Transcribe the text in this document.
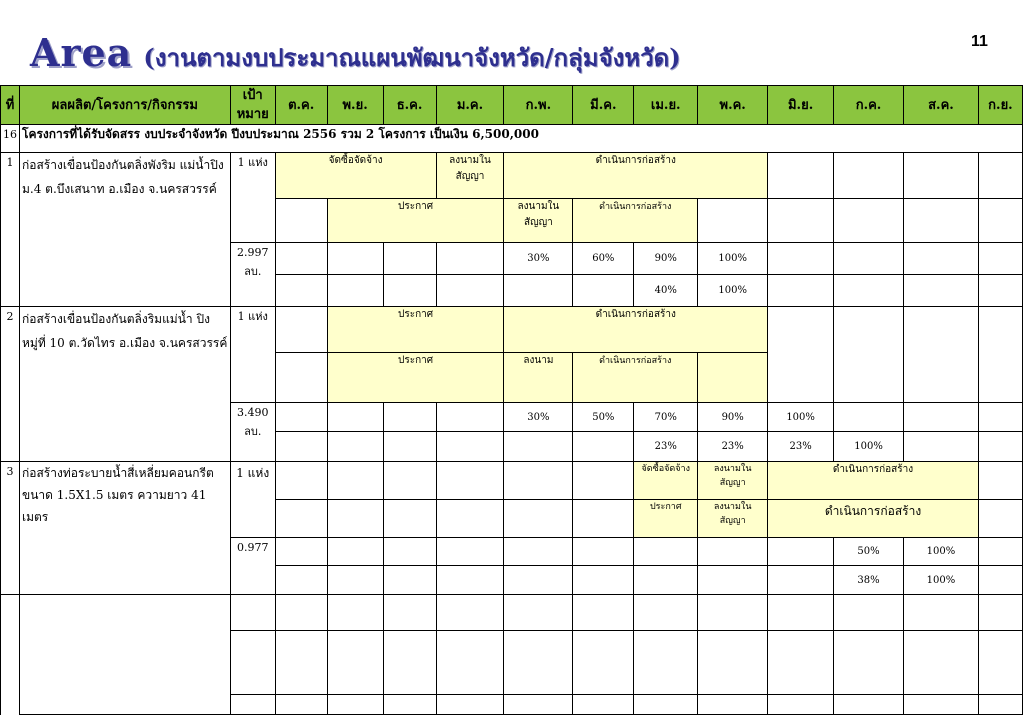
Area (งานตามงบประมาณแผนพัฒนาจังหวัด/กลุ่มจังหวัด)
11
ที่	ผลผลิต/โครงการ/กิจกรรม	เป้าหมาย	ต.ค.	พ.ย.	ธ.ค.	ม.ค.	ก.พ.	มี.ค.	เม.ย.	พ.ค.	มิ.ย.	ก.ค.	ส.ค.	ก.ย.
16	โครงการที่ได้รับจัดสรร งบประจำจังหวัด ปีงบประมาณ 2556 รวม 2 โครงการ เป็นเงิน 6,500,000													
1	ก่อสร้างเขื่อนป้องกันตลิ่งพังริม แม่น้ำปิง ม.4 ต.บึงเสนาท อ.เมือง จ.นครสวรรค์	1 แห่ง	จัดซื้อจัดจ้าง			ลงนามใน สัญญา	ดำเนินการก่อสร้าง							
				ประกาศ			ลงนามใน สัญญา	ดำเนินการก่อสร้าง						
		2.997 ลบ.					30%	60%	90%	100%				
									40%	100%				
2	ก่อสร้างเขื่อนป้องกันตลิ่งริมแม่น้ำ ปิง หมู่ที่ 10 ต.วัดไทร อ.เมือง จ.นครสวรรค์	1 แห่ง		ประกาศ			ดำเนินการก่อสร้าง							
				ประกาศ			ลงนาม	ดำเนินการก่อสร้าง						
		3.490 ลบ.					30%	50%	70%	90%	100%			
									23%	23%	23%	100%		
3	ก่อสร้างท่อระบายน้ำสี่เหลี่ยมคอนกรีต ขนาด 1.5X1.5 เมตร ความยาว 41 เมตร	1 แห่ง							จัดซื้อจัดจ้าง	ลงนามใน สัญญา	ดำเนินการก่อสร้าง			
									ประกาศ	ลงนามใน สัญญา	ดำเนินการก่อสร้าง			
		0.977										50%	100%	
												38%	100%	
